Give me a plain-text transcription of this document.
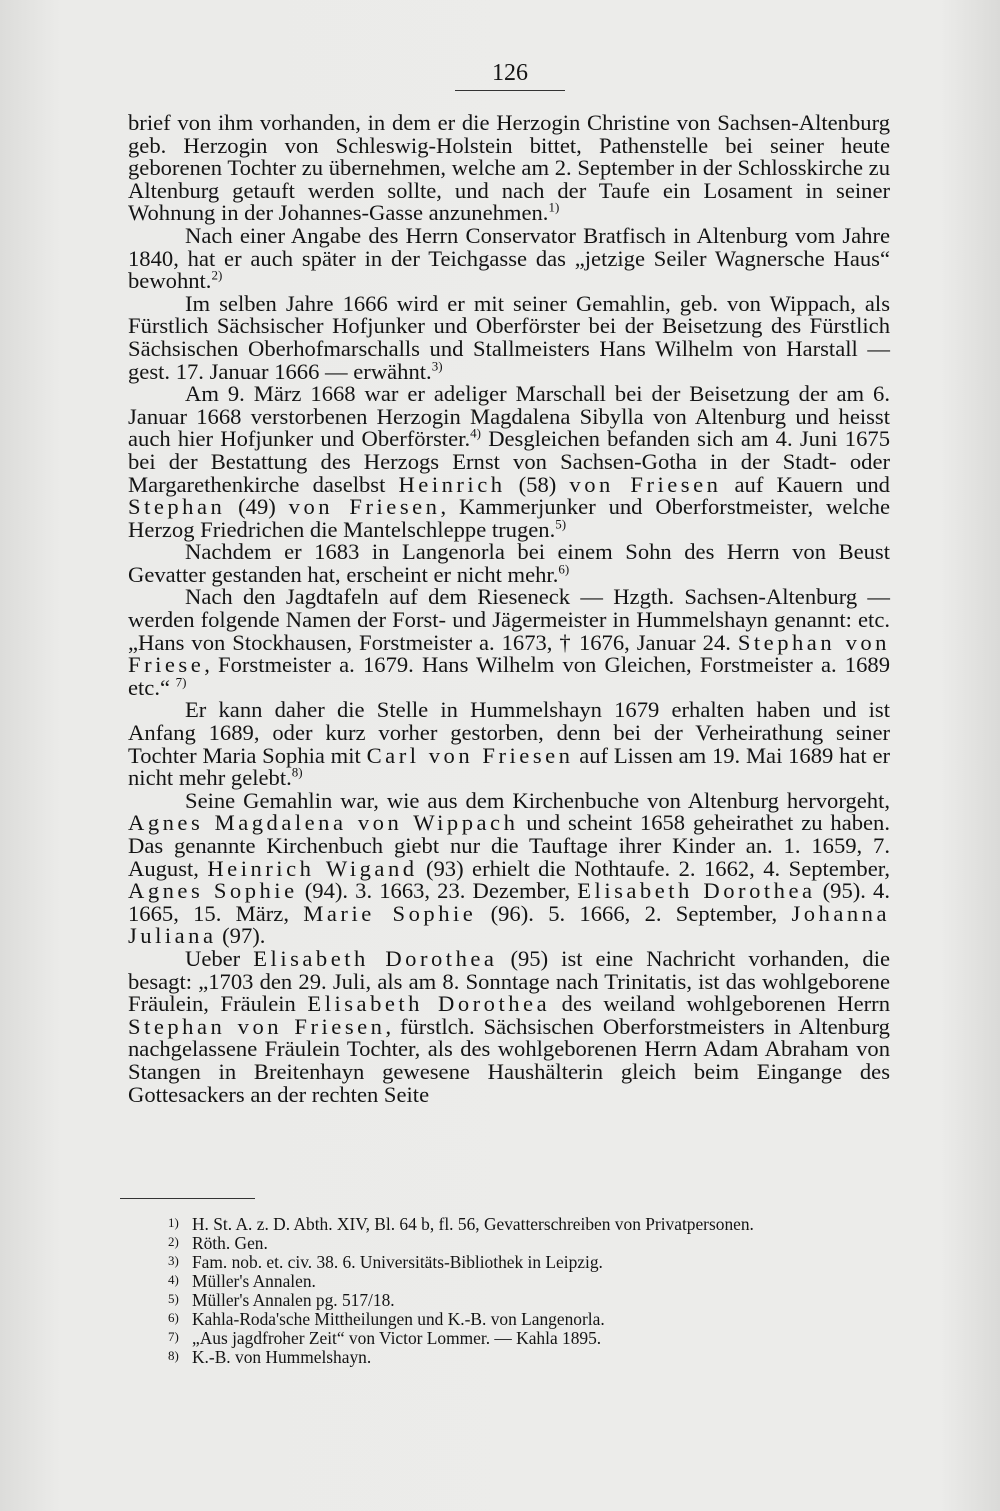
126

brief von ihm vorhanden, in dem er die Herzogin Christine von Sachsen-Altenburg geb. Herzogin von Schleswig-Holstein bittet, Pathenstelle bei seiner heute geborenen Tochter zu übernehmen, welche am 2. September in der Schlosskirche zu Altenburg getauft werden sollte, und nach der Taufe ein Losament in seiner Wohnung in der Johannes-Gasse anzunehmen.$^{1)}$

Nach einer Angabe des Herrn Conservator Bratfisch in Altenburg vom Jahre 1840, hat er auch später in der Teichgasse das „jetzige Seiler Wagnersche Haus“ bewohnt.$^{2)}$

Im selben Jahre 1666 wird er mit seiner Gemahlin, geb. von Wippach, als Fürstlich Sächsischer Hofjunker und Oberförster bei der Beisetzung des Fürstlich Sächsischen Oberhofmarschalls und Stallmeisters Hans Wilhelm von Harstall — gest. 17. Januar 1666 — erwähnt.$^{3)}$

Am 9. März 1668 war er adeliger Marschall bei der Beisetzung der am 6. Januar 1668 verstorbenen Herzogin Magdalena Sibylla von Altenburg und heisst auch hier Hofjunker und Oberförster.$^{4)}$ Desgleichen befanden sich am 4. Juni 1675 bei der Bestattung des Herzogs Ernst von Sachsen-Gotha in der Stadt- oder Margarethenkirche daselbst Heinrich (58) von Friesen auf Kauern und Stephan (49) von Friesen, Kammerjunker und Oberforstmeister, welche Herzog Friedrichen die Mantelschleppe trugen.$^{5)}$

Nachdem er 1683 in Langenorla bei einem Sohn des Herrn von Beust Gevatter gestanden hat, erscheint er nicht mehr.$^{6)}$

Nach den Jagdtafeln auf dem Rieseneck — Hzgth. Sachsen-Altenburg — werden folgende Namen der Forst- und Jägermeister in Hummelshayn genannt: etc. „Hans von Stockhausen, Forstmeister a. 1673, † 1676, Januar 24. Stephan von Friese, Forstmeister a. 1679. Hans Wilhelm von Gleichen, Forstmeister a. 1689 etc.“ $^{7)}$

Er kann daher die Stelle in Hummelshayn 1679 erhalten haben und ist Anfang 1689, oder kurz vorher gestorben, denn bei der Verheirathung seiner Tochter Maria Sophia mit Carl von Friesen auf Lissen am 19. Mai 1689 hat er nicht mehr gelebt.$^{8)}$

Seine Gemahlin war, wie aus dem Kirchenbuche von Altenburg hervorgeht, Agnes Magdalena von Wippach und scheint 1658 geheirathet zu haben. Das genannte Kirchenbuch giebt nur die Tauftage ihrer Kinder an. 1. 1659, 7. August, Heinrich Wigand (93) erhielt die Nothtaufe. 2. 1662, 4. September, Agnes Sophie (94). 3. 1663, 23. Dezember, Elisabeth Dorothea (95). 4. 1665, 15. März, Marie Sophie (96). 5. 1666, 2. September, Johanna Juliana (97).

Ueber Elisabeth Dorothea (95) ist eine Nachricht vorhanden, die besagt: „1703 den 29. Juli, als am 8. Sonntage nach Trinitatis, ist das wohlgeborene Fräulein, Fräulein Elisabeth Dorothea des weiland wohlgeborenen Herrn Stephan von Friesen, fürstlch. Sächsischen Oberforstmeisters in Altenburg nachgelassene Fräulein Tochter, als des wohlgeborenen Herrn Adam Abraham von Stangen in Breitenhayn gewesene Haushälterin gleich beim Eingange des Gottesackers an der rechten Seite

1) H. St. A. z. D. Abth. XIV, Bl. 64 b, fl. 56, Gevatterschreiben von Privatpersonen.
2) Röth. Gen.
3) Fam. nob. et. civ. 38. 6. Universitäts-Bibliothek in Leipzig.
4) Müller's Annalen.
5) Müller's Annalen pg. 517/18.
6) Kahla-Roda'sche Mittheilungen und K.-B. von Langenorla.
7) „Aus jagdfroher Zeit“ von Victor Lommer. — Kahla 1895.
8) K.-B. von Hummelshayn.
